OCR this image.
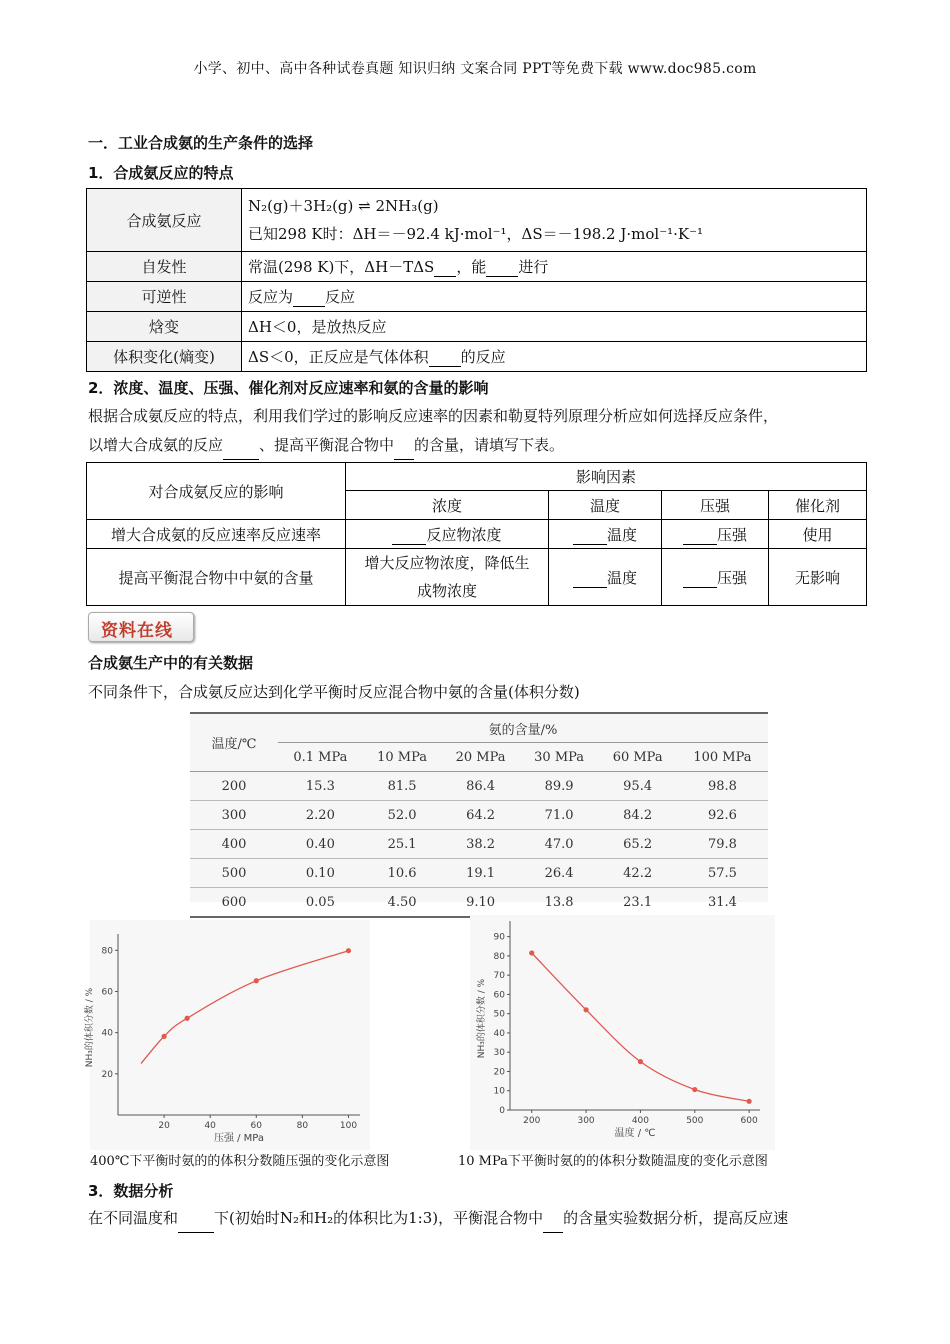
小学、初中、高中各种试卷真题 知识归纳 文案合同 PPT等免费下载 www.doc985.com
一．工业合成氨的生产条件的选择
1．合成氨反应的特点
合成氨反应	N₂(g)＋3H₂(g) ⇌ 2NH₃(g)
已知298 K时：ΔH＝－92.4 kJ·mol⁻¹，ΔS＝－198.2 J·mol⁻¹·K⁻¹

自发性	常温(298 K)下，ΔH－TΔS ，能 进行
可逆性	反应为 反应
焓变	ΔH＜0，是放热反应
体积变化(熵变)	ΔS＜0，正反应是气体体积 的反应
2．浓度、温度、压强、催化剂对反应速率和氨的含量的影响
根据合成氨反应的特点，利用我们学过的影响反应速率的因素和勒夏特列原理分析应如何选择反应条件，
以增大合成氨的反应 、提高平衡混合物中 的含量，请填写下表。
对合成氨反应的影响	影响因素			
	浓度	温度	压强	催化剂
增大合成氨的反应速率反应速率	反应物浓度	温度	压强	使用
提高平衡混合物中中氨的含量	增大反应物浓度，降低生
成物浓度	温度	压强	无影响
资料在线
合成氨生产中的有关数据
不同条件下，合成氨反应达到化学平衡时反应混合物中氨的含量(体积分数)
温度/℃	氨的含量/%					
	0.1 MPa	10 MPa	20 MPa	30 MPa	60 MPa	100 MPa
200	15.3	81.5	86.4	89.9	95.4	98.8
300	2.20	52.0	64.2	71.0	84.2	92.6
400	0.40	25.1	38.2	47.0	65.2	79.8
500	0.10	10.6	19.1	26.4	42.2	57.5
600	0.05	4.50	9.10	13.8	23.1	31.4
20	40	60	80	100
20
40
60
80
压强 / MPa
NH₃的体积分数 / %
400℃下平衡时氨的的体积分数随压强的变化示意图
200	300	400	500	600
0
10
20
30
40
50
60
70
80
90
温度 / ℃
NH₃的体积分数 / %
10 MPa下平衡时氨的的体积分数随温度的变化示意图
3．数据分析
在不同温度和 下(初始时N₂和H₂的体积比为1:3)，平衡混合物中 的含量实验数据分析，提高反应速
